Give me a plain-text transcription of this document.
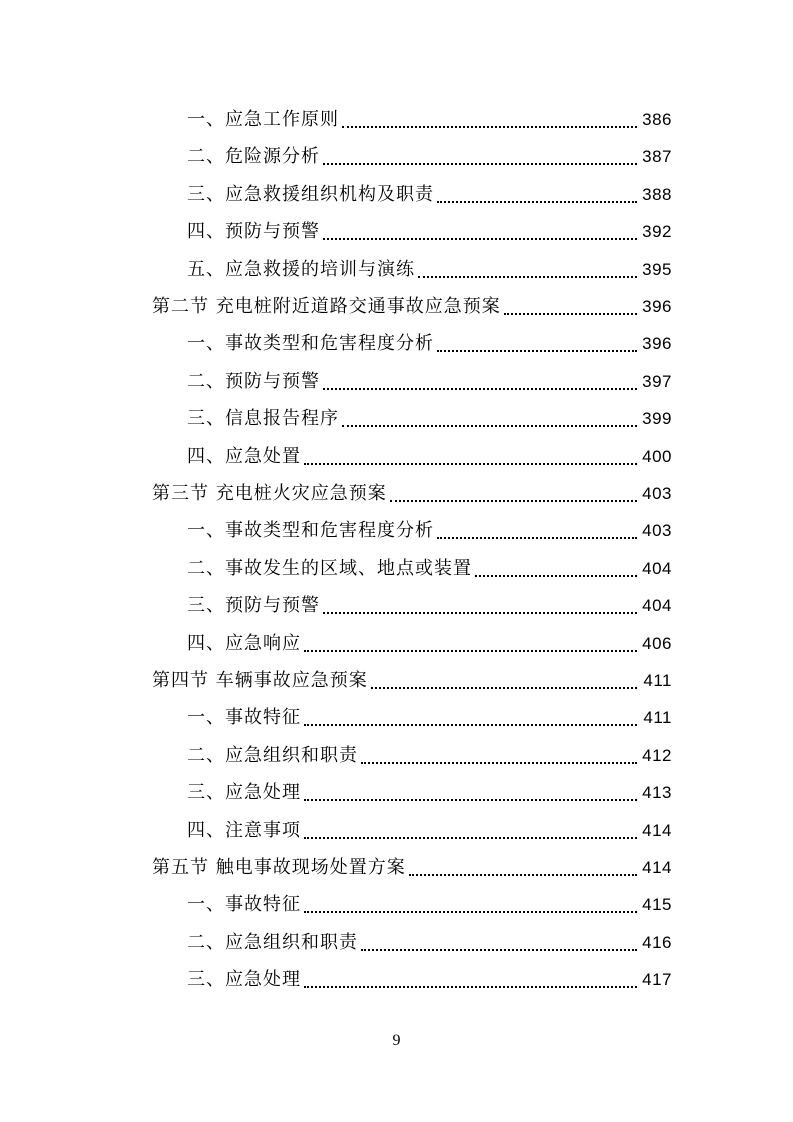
一、应急工作原则	386
二、危险源分析	387
三、应急救援组织机构及职责	388
四、预防与预警	392
五、应急救援的培训与演练	395
第二节 充电桩附近道路交通事故应急预案	396
一、事故类型和危害程度分析	396
二、预防与预警	397
三、信息报告程序	399
四、应急处置	400
第三节 充电桩火灾应急预案	403
一、事故类型和危害程度分析	403
二、事故发生的区域、地点或装置	404
三、预防与预警	404
四、应急响应	406
第四节 车辆事故应急预案	411
一、事故特征	411
二、应急组织和职责	412
三、应急处理	413
四、注意事项	414
第五节 触电事故现场处置方案	414
一、事故特征	415
二、应急组织和职责	416
三、应急处理	417
9
